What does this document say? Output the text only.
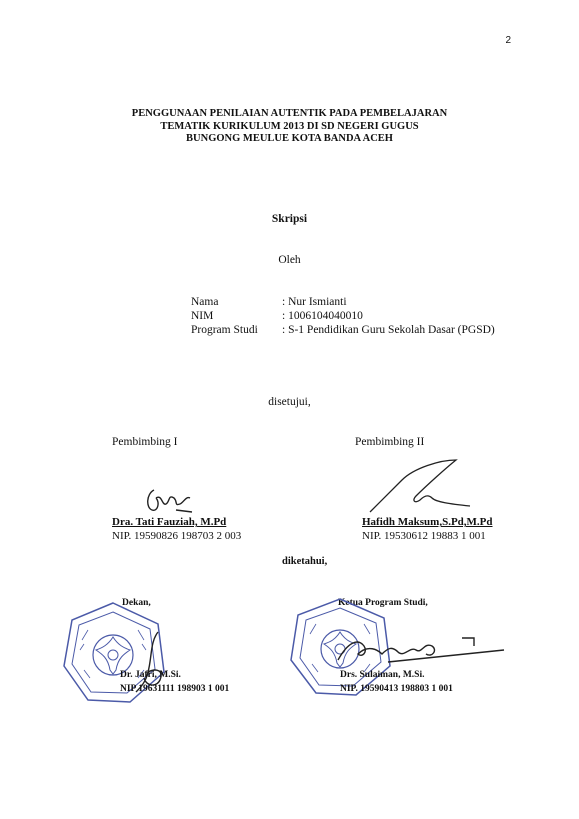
2
PENGGUNAAN PENILAIAN AUTENTIK PADA PEMBELAJARAN
TEMATIK KURIKULUM 2013 DI SD NEGERI GUGUS
BUNGONG MEULUE KOTA BANDA ACEH
Skripsi
Oleh
Nama	: Nur Ismianti
NIM	: 1006104040010
Program Studi : S-1 Pendidikan Guru Sekolah Dasar (PGSD)
disetujui,
Pembimbing I	Pembimbing II
Dra. Tati Fauziah, M.Pd
NIP. 19590826 198703 2 003
Hafidh Maksum,S.Pd,M.Pd
NIP. 19530612 19883 1 001
diketahui,
Dekan,
Dr. Jafri, M.Si.
NIP 19631111 198903 1 001
Ketua Program Studi,
Drs. Sulaiman, M.Si.
NIP. 19590413 198803 1 001
